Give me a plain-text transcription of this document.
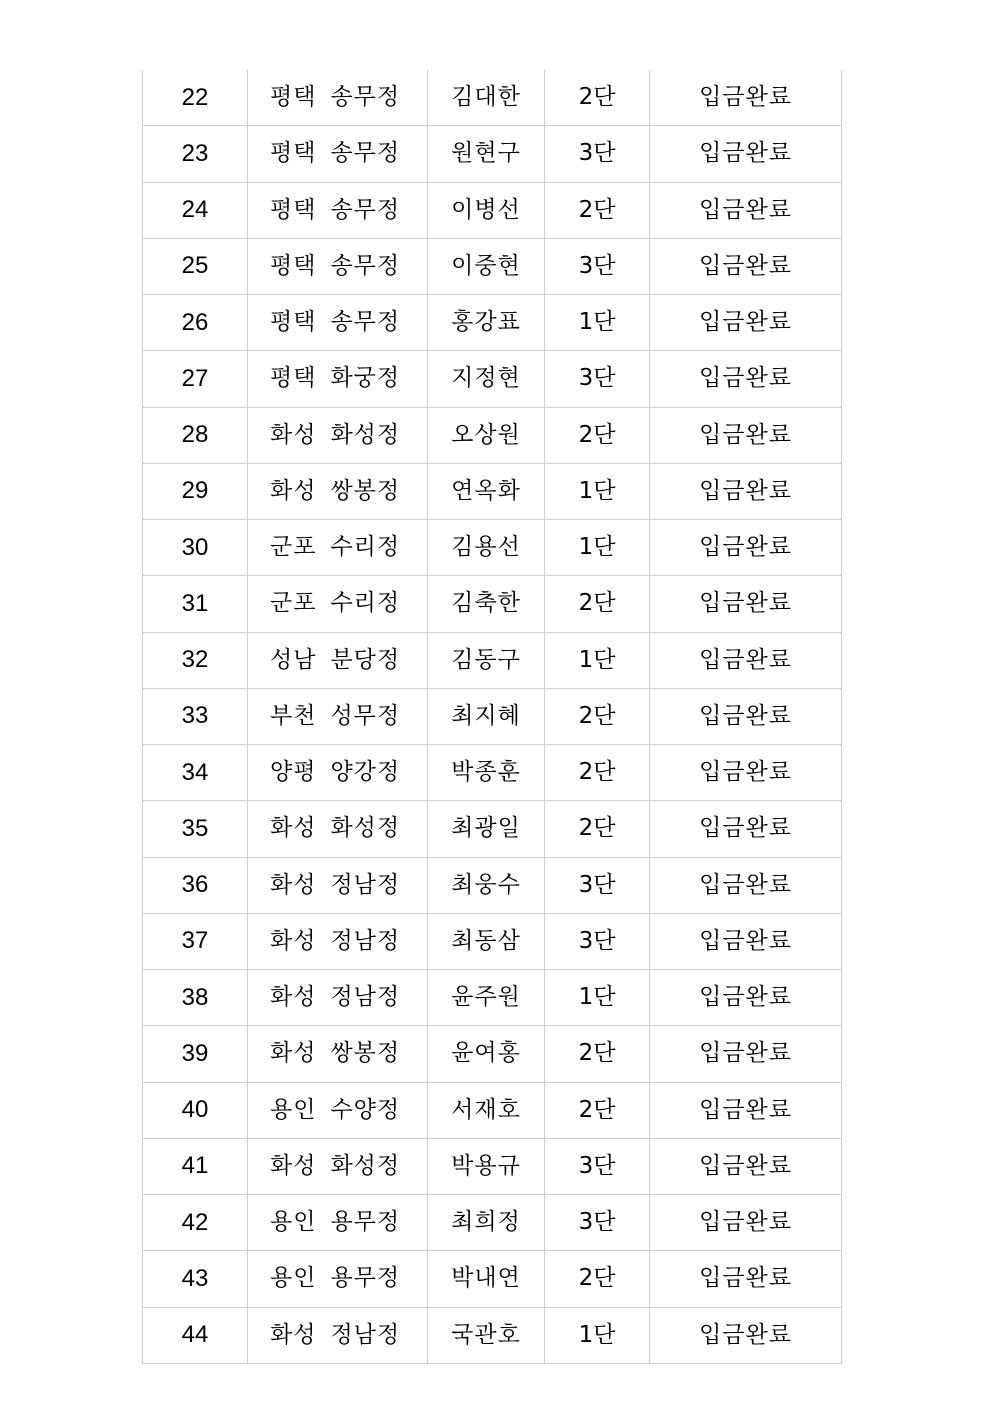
22	평택 송무정	김대한	2단	입금완료
23	평택 송무정	원현구	3단	입금완료
24	평택 송무정	이병선	2단	입금완료
25	평택 송무정	이중현	3단	입금완료
26	평택 송무정	홍강표	1단	입금완료
27	평택 화궁정	지정현	3단	입금완료
28	화성 화성정	오상원	2단	입금완료
29	화성 쌍봉정	연옥화	1단	입금완료
30	군포 수리정	김용선	1단	입금완료
31	군포 수리정	김축한	2단	입금완료
32	성남 분당정	김동구	1단	입금완료
33	부천 성무정	최지혜	2단	입금완료
34	양평 양강정	박종훈	2단	입금완료
35	화성 화성정	최광일	2단	입금완료
36	화성 정남정	최웅수	3단	입금완료
37	화성 정남정	최동삼	3단	입금완료
38	화성 정남정	윤주원	1단	입금완료
39	화성 쌍봉정	윤여홍	2단	입금완료
40	용인 수양정	서재호	2단	입금완료
41	화성 화성정	박용규	3단	입금완료
42	용인 용무정	최희정	3단	입금완료
43	용인 용무정	박내연	2단	입금완료
44	화성 정남정	국관호	1단	입금완료
